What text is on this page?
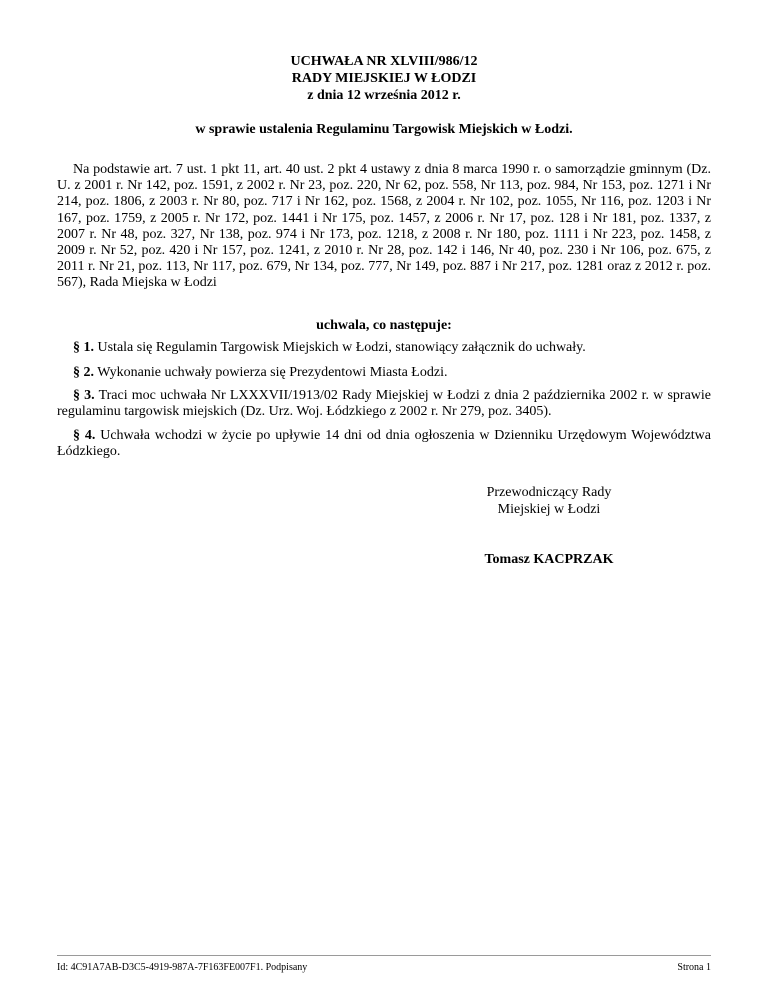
UCHWAŁA NR XLVIII/986/12
RADY MIEJSKIEJ W ŁODZI
z dnia 12 września 2012 r.
w sprawie ustalenia Regulaminu Targowisk Miejskich w Łodzi.
Na podstawie art. 7 ust. 1 pkt 11, art. 40 ust. 2 pkt 4 ustawy z dnia 8 marca 1990 r. o samorządzie gminnym (Dz. U. z 2001 r. Nr 142, poz. 1591, z 2002 r. Nr 23, poz. 220, Nr 62, poz. 558, Nr 113, poz. 984, Nr 153, poz. 1271 i Nr 214, poz. 1806, z 2003 r. Nr 80, poz. 717 i Nr 162, poz. 1568, z 2004 r. Nr 102, poz. 1055, Nr 116, poz. 1203 i Nr 167, poz. 1759, z 2005 r. Nr 172, poz. 1441 i Nr 175, poz. 1457, z 2006 r. Nr 17, poz. 128 i Nr 181, poz. 1337, z 2007 r. Nr 48, poz. 327, Nr 138, poz. 974 i Nr 173, poz. 1218, z 2008 r. Nr 180, poz. 1111 i Nr 223, poz. 1458, z 2009 r. Nr 52, poz. 420 i Nr 157, poz. 1241, z 2010 r. Nr 28, poz. 142 i 146, Nr 40, poz. 230 i Nr 106, poz. 675, z 2011 r. Nr 21, poz. 113, Nr 117, poz. 679, Nr 134, poz. 777, Nr 149, poz. 887 i Nr 217, poz. 1281 oraz z 2012 r. poz. 567), Rada Miejska w Łodzi
uchwala, co następuje:
§ 1. Ustala się Regulamin Targowisk Miejskich w Łodzi, stanowiący załącznik do uchwały.
§ 2. Wykonanie uchwały powierza się Prezydentowi Miasta Łodzi.
§ 3. Traci moc uchwała Nr LXXXVII/1913/02 Rady Miejskiej w Łodzi z dnia 2 października 2002 r. w sprawie regulaminu targowisk miejskich (Dz. Urz. Woj. Łódzkiego z 2002 r. Nr 279, poz. 3405).
§ 4. Uchwała wchodzi w życie po upływie 14 dni od dnia ogłoszenia w Dzienniku Urzędowym Województwa Łódzkiego.
Przewodniczący Rady
Miejskiej w Łodzi
Tomasz KACPRZAK
Id: 4C91A7AB-D3C5-4919-987A-7F163FE007F1. Podpisany	Strona 1
